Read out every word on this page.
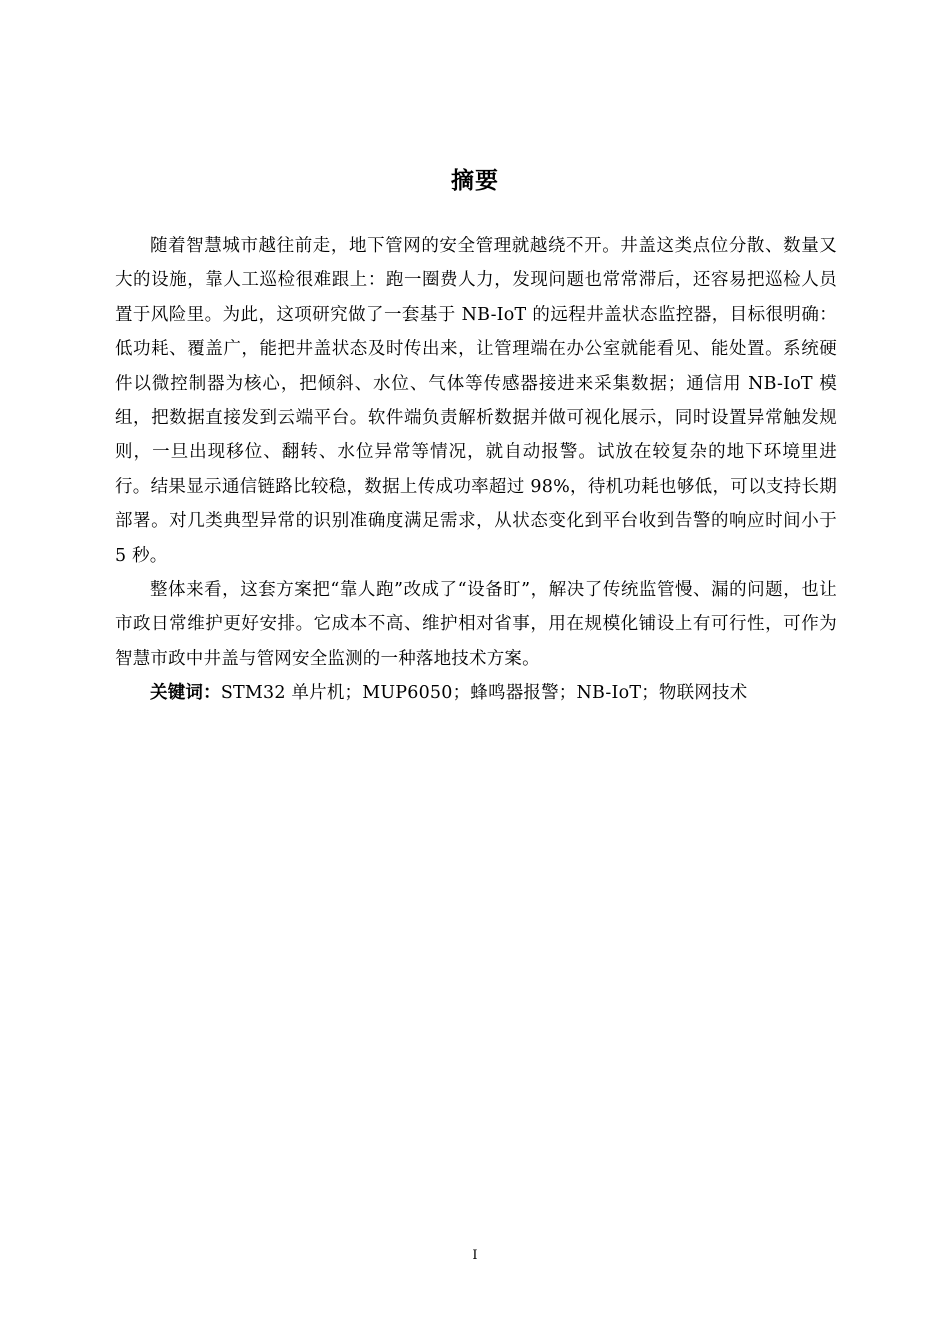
摘要

随着智慧城市越往前走，地下管网的安全管理就越绕不开。井盖这类点位分散、数量又大的设施，靠人工巡检很难跟上：跑一圈费人力，发现问题也常常滞后，还容易把巡检人员置于风险里。为此，这项研究做了一套基于 NB-IoT 的远程井盖状态监控器，目标很明确：低功耗、覆盖广，能把井盖状态及时传出来，让管理端在办公室就能看见、能处置。系统硬件以微控制器为核心，把倾斜、水位、气体等传感器接进来采集数据；通信用 NB-IoT 模组，把数据直接发到云端平台。软件端负责解析数据并做可视化展示，同时设置异常触发规则，一旦出现移位、翻转、水位异常等情况，就自动报警。试放在较复杂的地下环境里进行。结果显示通信链路比较稳，数据上传成功率超过 98%，待机功耗也够低，可以支持长期部署。对几类典型异常的识别准确度满足需求，从状态变化到平台收到告警的响应时间小于 5 秒。

整体来看，这套方案把“靠人跑”改成了“设备盯”，解决了传统监管慢、漏的问题，也让市政日常维护更好安排。它成本不高、维护相对省事，用在规模化铺设上有可行性，可作为智慧市政中井盖与管网安全监测的一种落地技术方案。

关键词：STM32 单片机；MUP6050；蜂鸣器报警；NB-IoT；物联网技术

I
